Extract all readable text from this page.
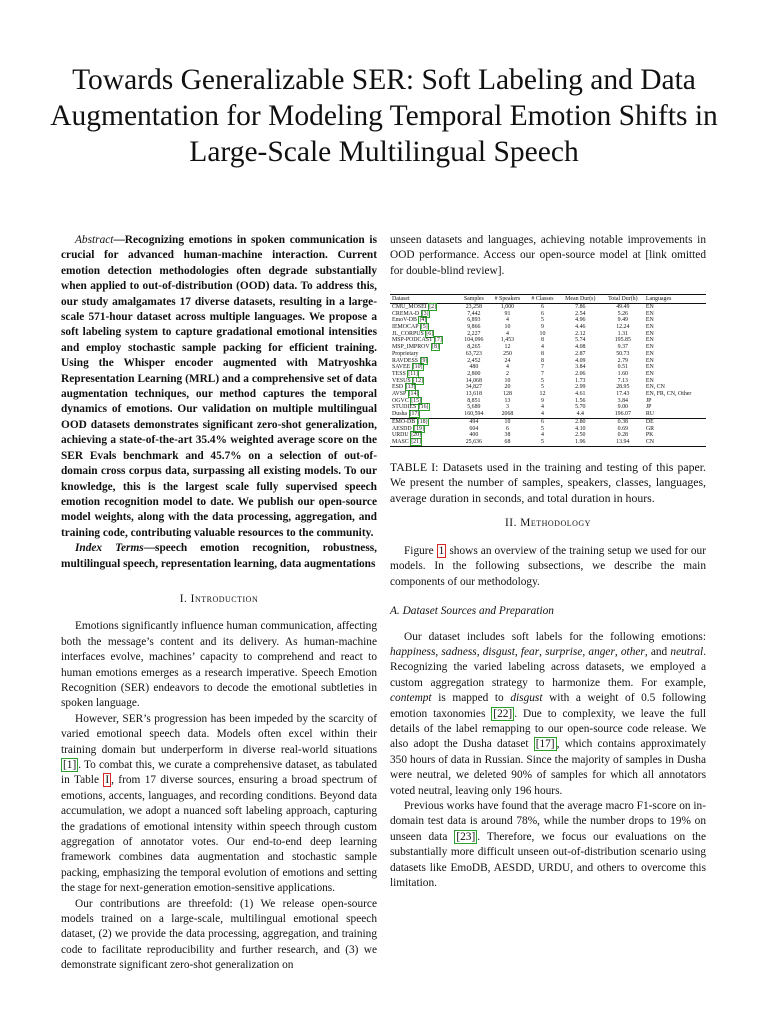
Towards Generalizable SER: Soft Labeling and Data Augmentation for Modeling Temporal Emotion Shifts in Large-Scale Multilingual Speech

Abstract—Recognizing emotions in spoken communication is crucial for advanced human-machine interaction. Current emotion detection methodologies often degrade substantially when applied to out-of-distribution (OOD) data. To address this, our study amalgamates 17 diverse datasets, resulting in a large-scale 571-hour dataset across multiple languages. We propose a soft labeling system to capture gradational emotional intensities and employ stochastic sample packing for efficient training. Using the Whisper encoder augmented with Matryoshka Representation Learning (MRL) and a comprehensive set of data augmentation techniques, our method captures the temporal dynamics of emotions. Our validation on multiple multilingual OOD datasets demonstrates significant zero-shot generalization, achieving a state-of-the-art 35.4% weighted average score on the SER Evals benchmark and 45.7% on a selection of out-of-domain cross corpus data, surpassing all existing models. To our knowledge, this is the largest scale fully supervised speech emotion recognition model to date. We publish our open-source model weights, along with the data processing, aggregation, and training code, contributing valuable resources to the community.

Index Terms—speech emotion recognition, robustness, multilingual speech, representation learning, data augmentations

I. Introduction

Emotions significantly influence human communication, affecting both the message’s content and its delivery. As human-machine interfaces evolve, machines’ capacity to comprehend and react to human emotions emerges as a research imperative. Speech Emotion Recognition (SER) endeavors to decode the emotional subtleties in spoken language.

However, SER’s progression has been impeded by the scarcity of varied emotional speech data. Models often excel within their training domain but underperform in diverse real-world situations [1] . To combat this, we curate a comprehensive dataset, as tabulated in Table I , from 17 diverse sources, ensuring a broad spectrum of emotions, accents, languages, and recording conditions. Beyond data accumulation, we adopt a nuanced soft labeling approach, capturing the gradations of emotional intensity within speech through custom aggregation of annotator votes. Our end-to-end deep learning framework combines data augmentation and stochastic sample packing, emphasizing the temporal evolution of emotions and setting the stage for next-generation emotion-sensitive applications.

Our contributions are threefold: (1) We release open-source models trained on a large-scale, multilingual emotional speech dataset, (2) we provide the data processing, aggregation, and training code to facilitate reproducibility and further research, and (3) we demonstrate significant zero-shot generalization on

unseen datasets and languages, achieving notable improvements in OOD performance. Access our open-source model at [link omitted for double-blind review].

Dataset	Samples	# Speakers	# Classes	Mean Dur(s)	Total Dur(h)	Languages
CMU_MOSEI [2]	23,258	1,000	6	7.86	49.49	EN
CREMA-D [3]	7,442	91	6	2.54	5.26	EN
EmoV-DB [4]	6,893	4	5	4.96	9.49	EN
IEMOCAP [5]	9,866	10	9	4.46	12.24	EN
JL_CORPUS [6]	2,227	4	10	2.12	1.31	EN
MSP-PODCAST [7]	104,096	1,453	8	5.74	195.85	EN
MSP_IMPROV [8]	8,265	12	4	4.08	9.37	EN
Proprietary	63,723	250	8	2.87	50.73	EN
RAVDESS [9]	2,452	24	8	4.09	2.79	EN
SAVEE [10]	480	4	7	3.84	0.51	EN
TESS [11]	2,800	2	7	2.06	1.60	EN
VESUS [12]	14,068	10	5	1.73	7.13	EN
ESD [13]	34,827	20	5	2.99	28.95	EN, CN
AVSP [14]	13,618	128	12	4.61	17.43	EN, FR, CN, Other
OGVC [15]	8,851	13	9	1.56	3.84	JP
STUDIES [16]	5,689	3	4	5.70	9.00	JP
Dusha [17]	160,594	2068	4	4.4	196.07	RU
EMO-DB [18]	494	10	6	2.80	0.38	DE
AESDD [19]	604	6	5	4.10	0.69	GR
URDU [20]	400	38	4	2.50	0.28	PK
MASC [21]	25,636	68	5	1.96	13.94	CN

TABLE I: Datasets used in the training and testing of this paper. We present the number of samples, speakers, classes, languages, average duration in seconds, and total duration in hours.

II. Methodology

Figure 1 shows an overview of the training setup we used for our models. In the following subsections, we describe the main components of our methodology.

A. Dataset Sources and Preparation

Our dataset includes soft labels for the following emotions: happiness, sadness, disgust, fear, surprise, anger, other, and neutral. Recognizing the varied labeling across datasets, we employed a custom aggregation strategy to harmonize them. For example, contempt is mapped to disgust with a weight of 0.5 following emotion taxonomies [22] . Due to complexity, we leave the full details of the label remapping to our open-source code release. We also adopt the Dusha dataset [17] , which contains approximately 350 hours of data in Russian. Since the majority of samples in Dusha were neutral, we deleted 90% of samples for which all annotators voted neutral, leaving only 196 hours.

Previous works have found that the average macro F1-score on in-domain test data is around 78%, while the number drops to 19% on unseen data [23] . Therefore, we focus our evaluations on the substantially more difficult unseen out-of-distribution scenario using datasets like EmoDB, AESDD, URDU, and others to overcome this limitation.
